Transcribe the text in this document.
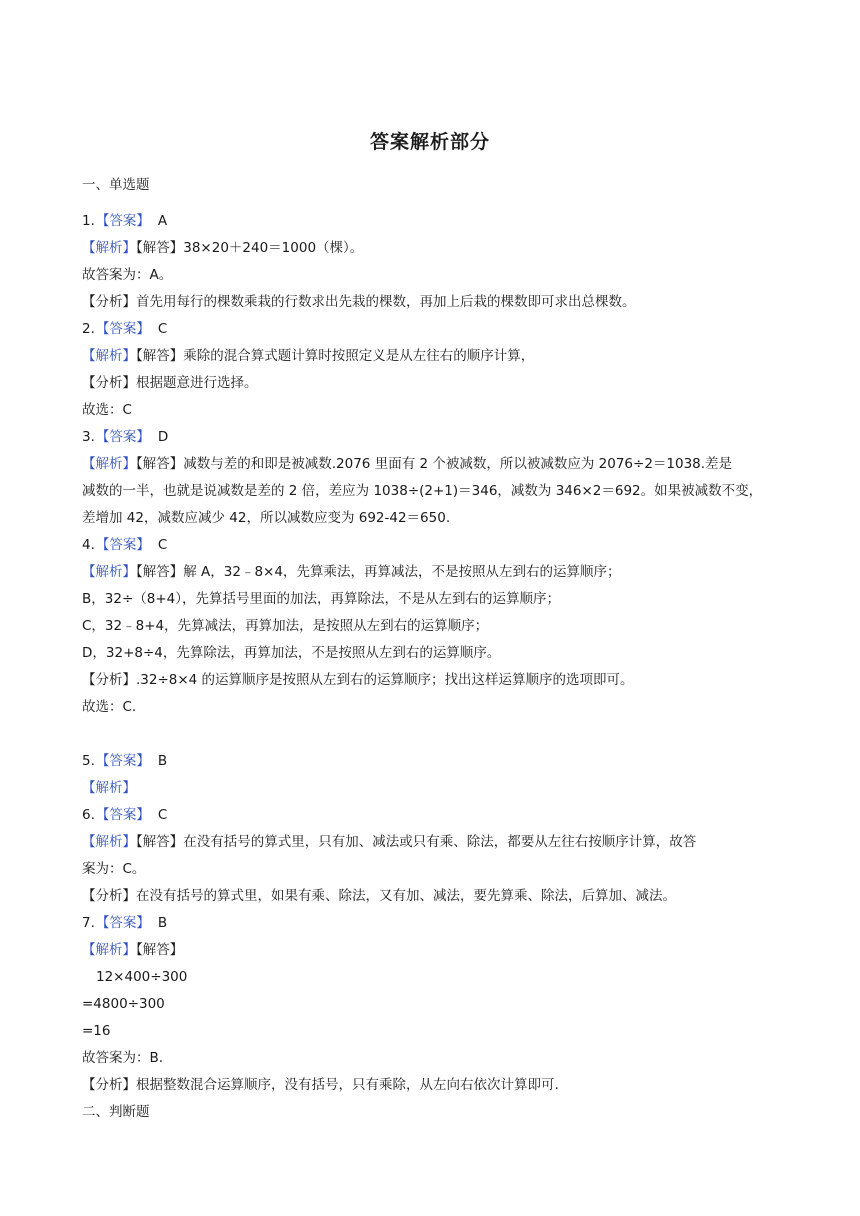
答案解析部分
一、单选题
1.【答案】 A
【解析】【解答】38×20＋240＝1000（棵）。
故答案为：A。
【分析】首先用每行的棵数乘栽的行数求出先栽的棵数，再加上后栽的棵数即可求出总棵数。
2.【答案】 C
【解析】【解答】乘除的混合算式题计算时按照定义是从左往右的顺序计算，
【分析】根据题意进行选择。
故选：C
3.【答案】 D
【解析】【解答】减数与差的和即是被减数.2076 里面有 2 个被减数，所以被减数应为 2076÷2＝1038.差是
减数的一半，也就是说减数是差的 2 倍，差应为 1038÷(2+1)＝346，减数为 346×2＝692。如果被减数不变，
差增加 42，减数应减少 42，所以减数应变为 692-42＝650.
4.【答案】 C
【解析】【解答】解 A，32﹣8×4，先算乘法，再算减法，不是按照从左到右的运算顺序；
B，32÷（8+4），先算括号里面的加法，再算除法，不是从左到右的运算顺序；
C，32﹣8+4，先算减法，再算加法，是按照从左到右的运算顺序；
D，32+8÷4，先算除法，再算加法，不是按照从左到右的运算顺序。
【分析】.32÷8×4 的运算顺序是按照从左到右的运算顺序；找出这样运算顺序的选项即可。
故选：C.
5.【答案】 B
【解析】
6.【答案】 C
【解析】【解答】在没有括号的算式里，只有加、减法或只有乘、除法，都要从左往右按顺序计算，故答
案为：C。
【分析】在没有括号的算式里，如果有乘、除法，又有加、减法，要先算乘、除法，后算加、减法。
7.【答案】 B
【解析】【解答】
12×400÷300
=4800÷300
=16
故答案为：B.
【分析】根据整数混合运算顺序，没有括号，只有乘除，从左向右依次计算即可.
二、判断题
